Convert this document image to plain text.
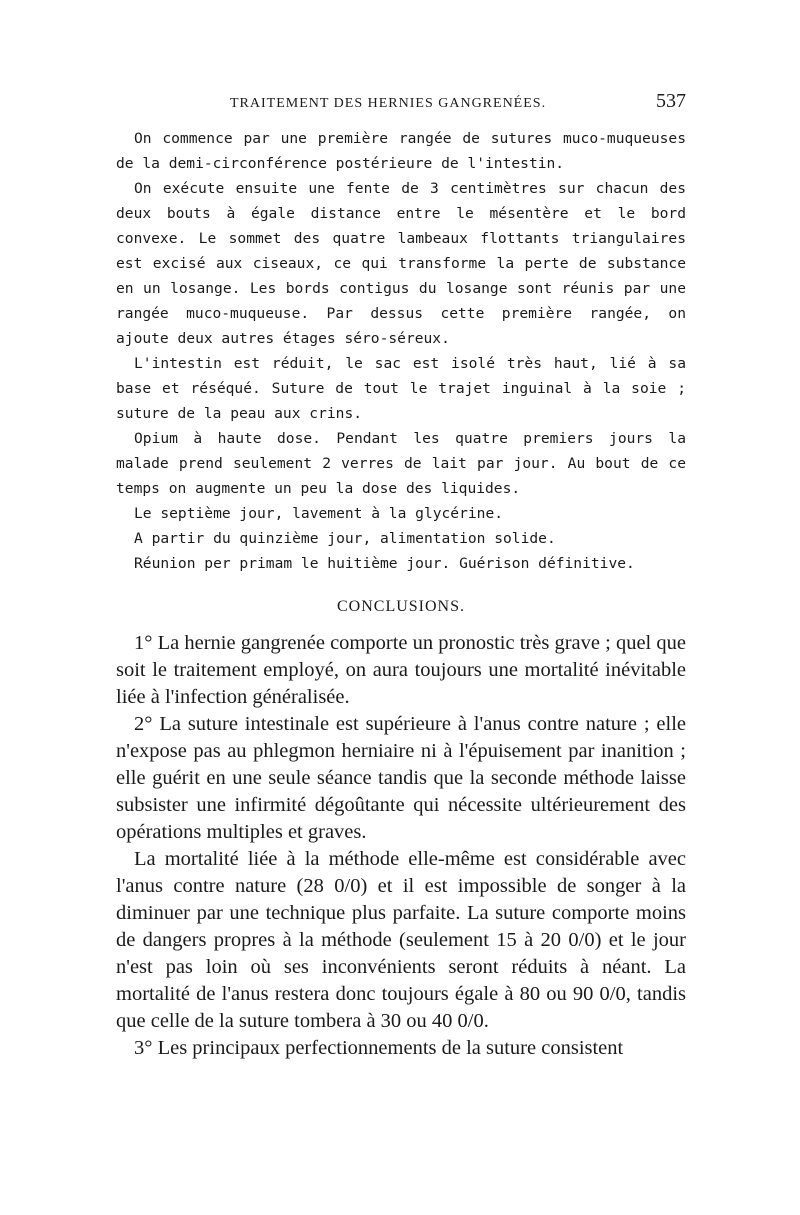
TRAITEMENT DES HERNIES GANGRENÉES.	537

On commence par une première rangée de sutures muco-muqueuses de la demi-circonférence postérieure de l'intestin.

On exécute ensuite une fente de 3 centimètres sur chacun des deux bouts à égale distance entre le mésentère et le bord convexe. Le sommet des quatre lambeaux flottants triangulaires est excisé aux ciseaux, ce qui transforme la perte de substance en un losange. Les bords contigus du losange sont réunis par une rangée muco-muqueuse. Par dessus cette première rangée, on ajoute deux autres étages séro-séreux.

L'intestin est réduit, le sac est isolé très haut, lié à sa base et réséqué. Suture de tout le trajet inguinal à la soie ; suture de la peau aux crins.

Opium à haute dose. Pendant les quatre premiers jours la malade prend seulement 2 verres de lait par jour. Au bout de ce temps on augmente un peu la dose des liquides.

Le septième jour, lavement à la glycérine.

A partir du quinzième jour, alimentation solide.

Réunion per primam le huitième jour. Guérison définitive.

CONCLUSIONS.

1° La hernie gangrenée comporte un pronostic très grave ; quel que soit le traitement employé, on aura toujours une mortalité inévitable liée à l'infection généralisée.

2° La suture intestinale est supérieure à l'anus contre nature ; elle n'expose pas au phlegmon herniaire ni à l'épuisement par inanition ; elle guérit en une seule séance tandis que la seconde méthode laisse subsister une infirmité dégoûtante qui nécessite ultérieurement des opérations multiples et graves.

La mortalité liée à la méthode elle-même est considérable avec l'anus contre nature (28 0/0) et il est impossible de songer à la diminuer par une technique plus parfaite. La suture comporte moins de dangers propres à la méthode (seulement 15 à 20 0/0) et le jour n'est pas loin où ses inconvénients seront réduits à néant. La mortalité de l'anus restera donc toujours égale à 80 ou 90 0/0, tandis que celle de la suture tombera à 30 ou 40 0/0.

3° Les principaux perfectionnements de la suture consistent
